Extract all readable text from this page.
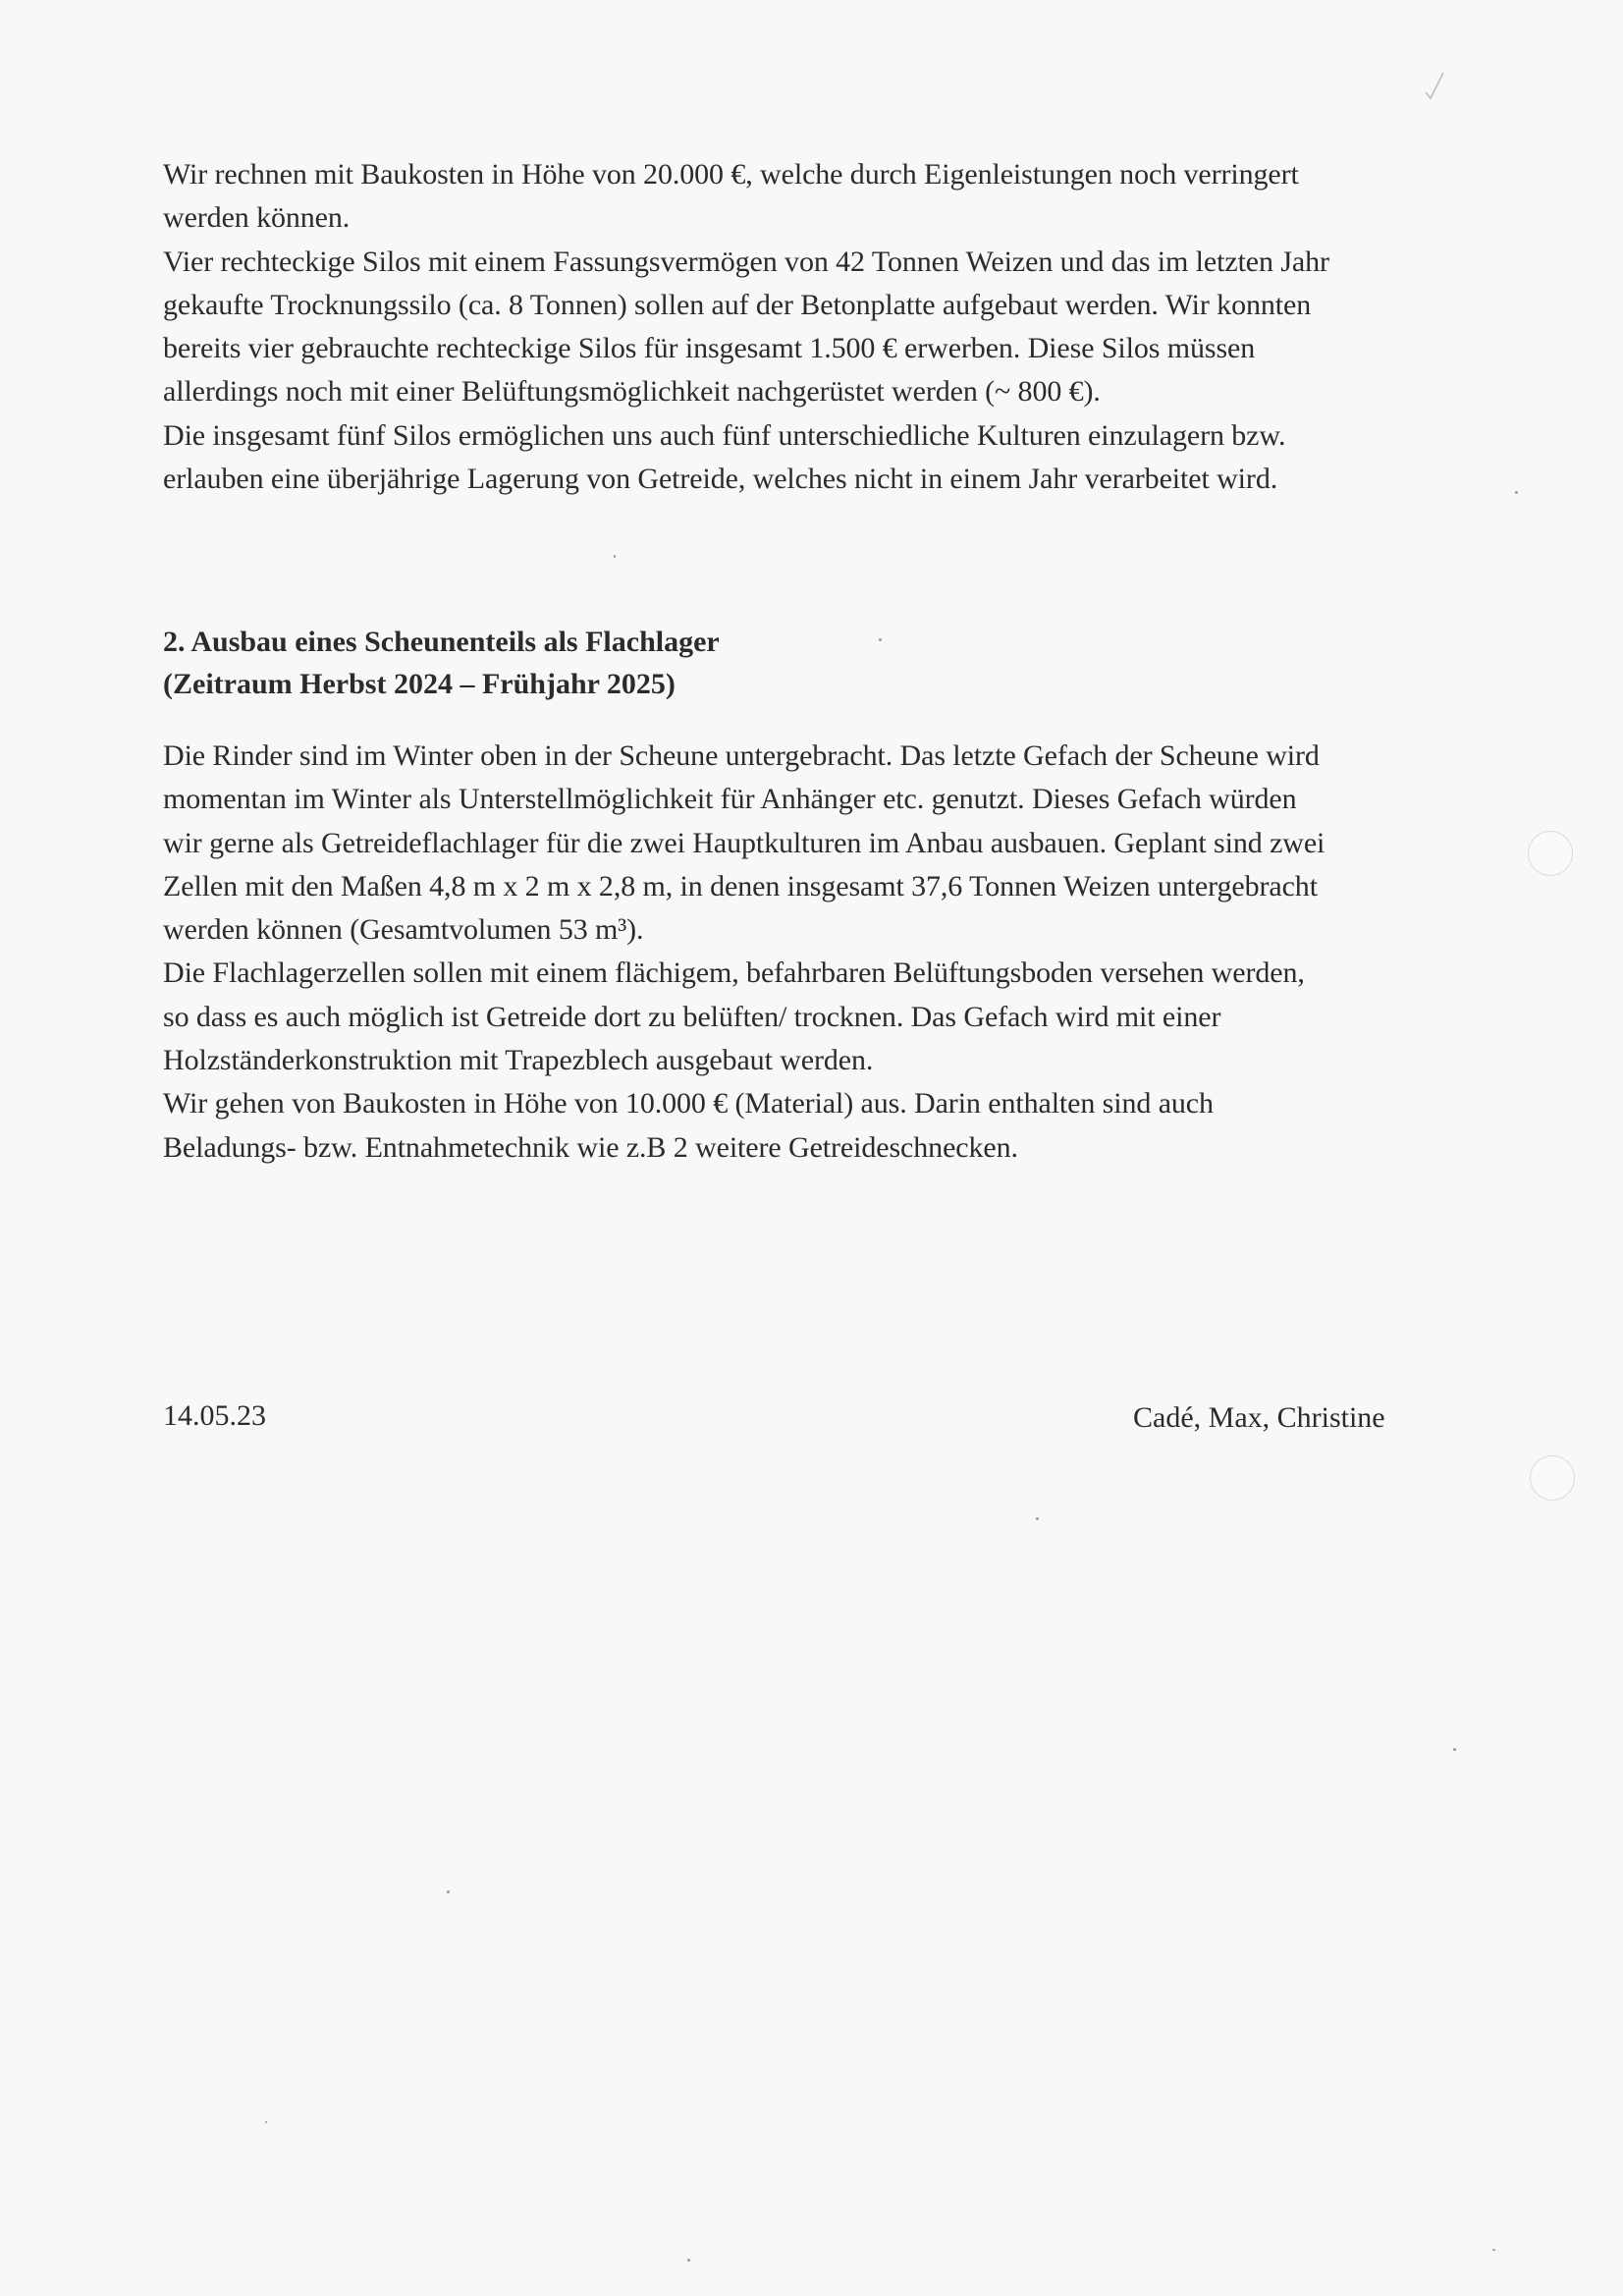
Wir rechnen mit Baukosten in Höhe von 20.000 €, welche durch Eigenleistungen noch verringert

werden können.

Vier rechteckige Silos mit einem Fassungsvermögen von 42 Tonnen Weizen und das im letzten Jahr

gekaufte Trocknungssilo (ca. 8 Tonnen) sollen auf der Betonplatte aufgebaut werden. Wir konnten

bereits vier gebrauchte rechteckige Silos für insgesamt 1.500 € erwerben. Diese Silos müssen

allerdings noch mit einer Belüftungsmöglichkeit nachgerüstet werden (~ 800 €).

Die insgesamt fünf Silos ermöglichen uns auch fünf unterschiedliche Kulturen einzulagern bzw.

erlauben eine überjährige Lagerung von Getreide, welches nicht in einem Jahr verarbeitet wird.

2. Ausbau eines Scheunenteils als Flachlager

(Zeitraum Herbst 2024 – Frühjahr 2025)

Die Rinder sind im Winter oben in der Scheune untergebracht. Das letzte Gefach der Scheune wird

momentan im Winter als Unterstellmöglichkeit für Anhänger etc. genutzt. Dieses Gefach würden

wir gerne als Getreideflachlager für die zwei Hauptkulturen im Anbau ausbauen. Geplant sind zwei

Zellen mit den Maßen 4,8 m x 2 m x 2,8 m, in denen insgesamt 37,6 Tonnen Weizen untergebracht

werden können (Gesamtvolumen 53 m³).

Die Flachlagerzellen sollen mit einem flächigem, befahrbaren Belüftungsboden versehen werden,

so dass es auch möglich ist Getreide dort zu belüften/ trocknen. Das Gefach wird mit einer

Holzständerkonstruktion mit Trapezblech ausgebaut werden.

Wir gehen von Baukosten in Höhe von 10.000 € (Material) aus. Darin enthalten sind auch

Beladungs- bzw. Entnahmetechnik wie z.B 2 weitere Getreideschnecken.

14.05.23	Cadé, Max, Christine
